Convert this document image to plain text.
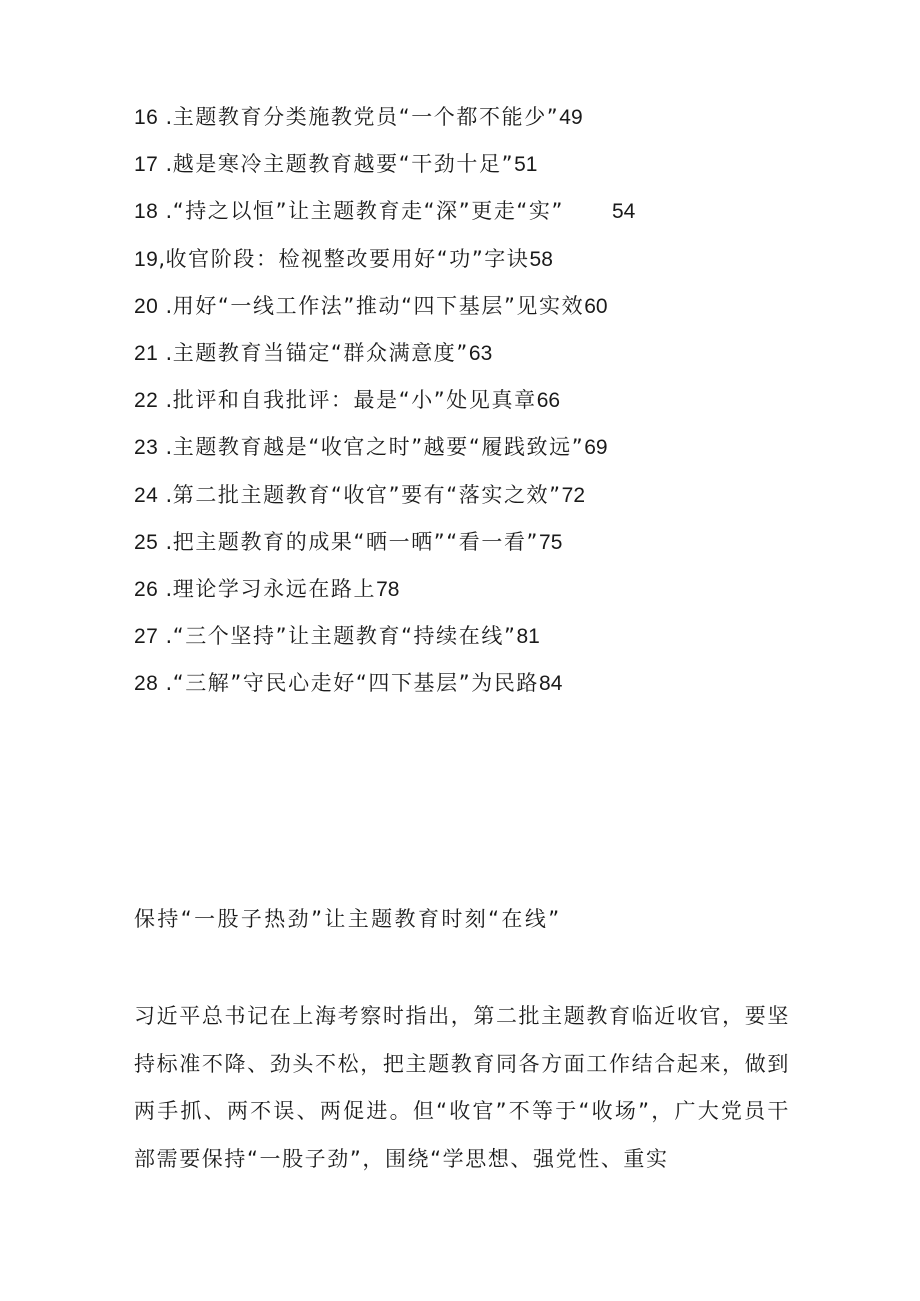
16 .主题教育分类施教党员“一个都不能少”49
17 .越是寒冷主题教育越要“干劲十足”51
18 .“持之以恒”让主题教育走“深”更走“实” 54
19,收官阶段：检视整改要用好“功”字诀58
20 .用好“一线工作法”推动“四下基层”见实效60
21 .主题教育当锚定“群众满意度”63
22 .批评和自我批评：最是“小”处见真章66
23 .主题教育越是“收官之时”越要“履践致远”69
24 .第二批主题教育“收官”要有“落实之效”72
25 .把主题教育的成果“晒一晒”“看一看”75
26 .理论学习永远在路上78
27 .“三个坚持”让主题教育“持续在线”81
28 .“三解”守民心走好“四下基层”为民路84
保持“一股子热劲”让主题教育时刻“在线”
习近平总书记在上海考察时指出，第二批主题教育临近收官，要坚持标准不降、劲头不松，把主题教育同各方面工作结合起来，做到两手抓、两不误、两促进。但“收官”不等于“收场”，广大党员干部需要保持“一股子劲”，围绕“学思想、强党性、重实
